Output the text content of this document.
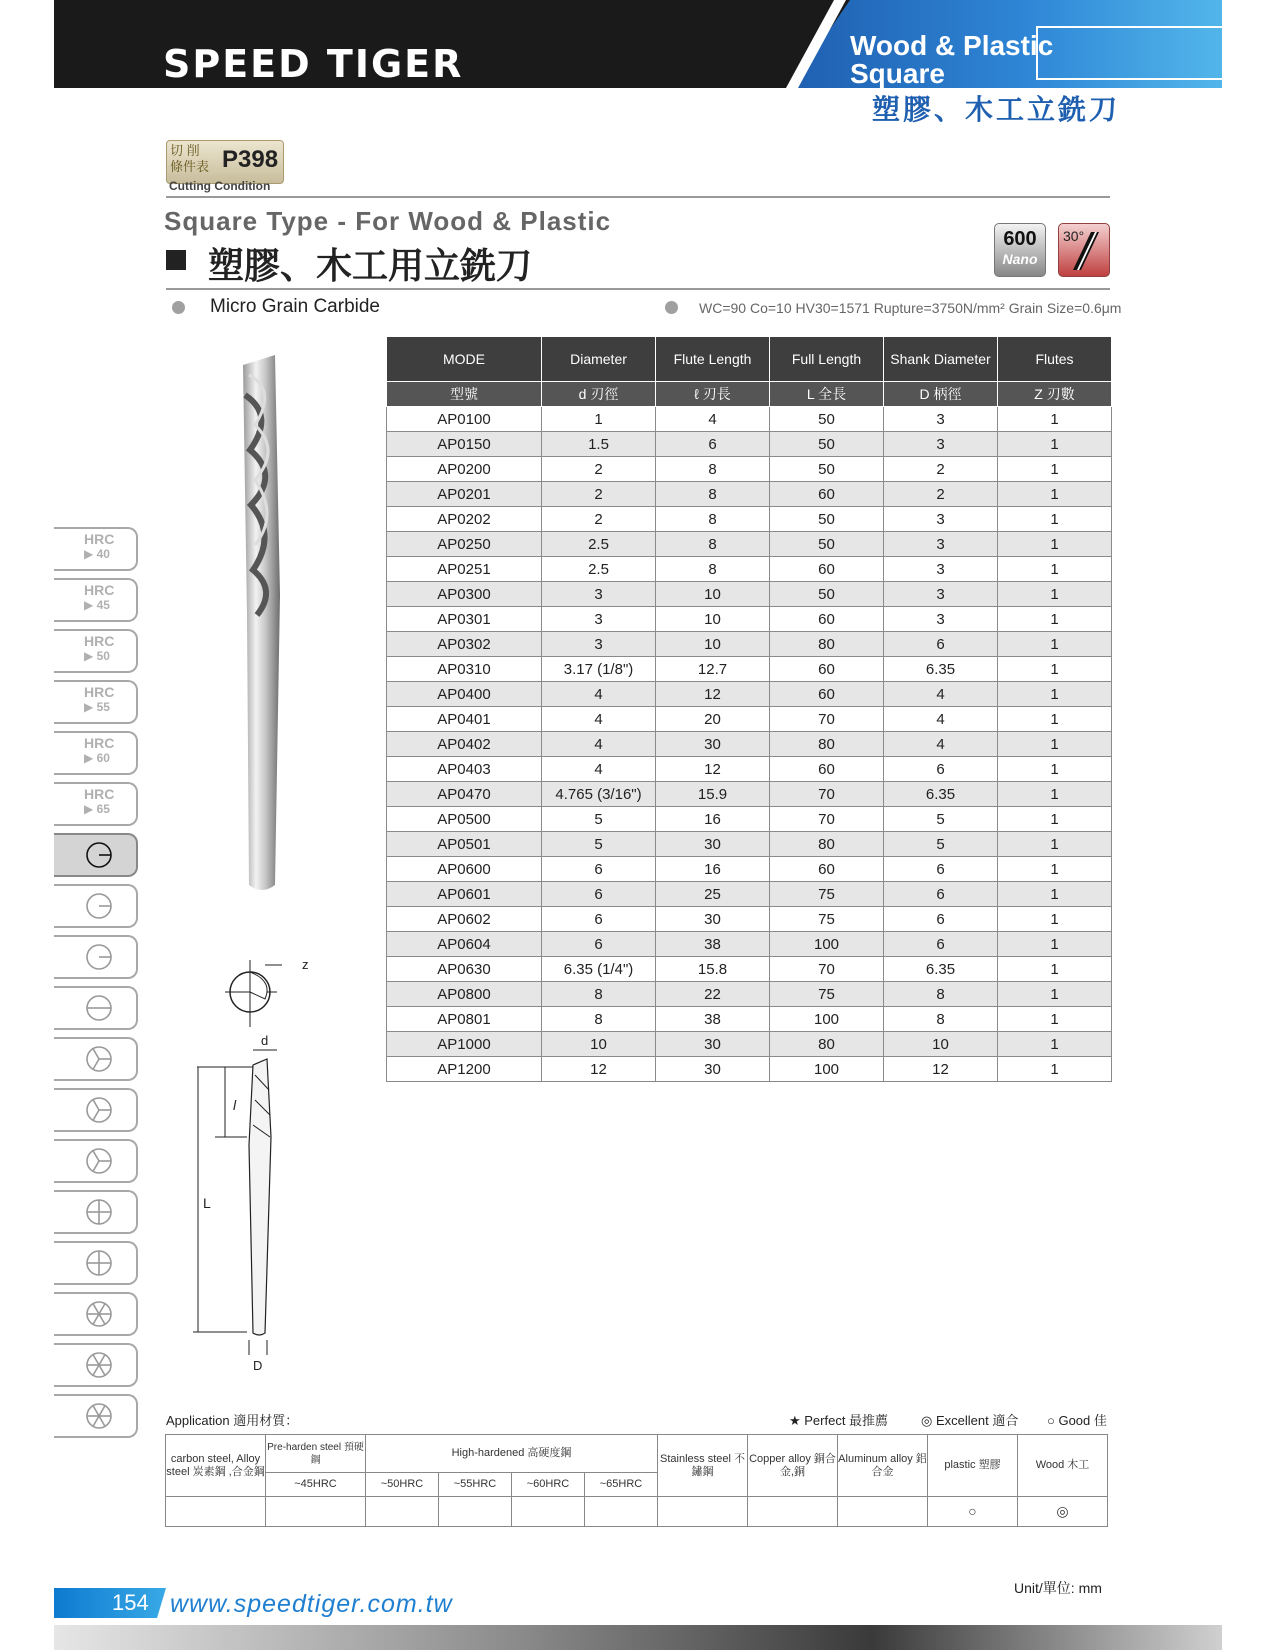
SPEED TIGER	Wood & Plastic
Square
塑膠、木工立銑刀
切 削 條件表 P398
Cutting Condition
Square Type - For Wood & Plastic
塑膠、木工用立銑刀
600
Nano
30°
Micro Grain Carbide	WC=90 Co=10 HV30=1571 Rupture=3750N/mm² Grain Size=0.6μm
MODE	Diameter	Flute Length	Full Length	Shank Diameter	Flutes
型號	d 刃徑	ℓ 刃長	L 全長	D 柄徑	Z 刃數
AP0100	1	4	50	3	1
AP0150	1.5	6	50	3	1
AP0200	2	8	50	2	1
AP0201	2	8	60	2	1
AP0202	2	8	50	3	1
AP0250	2.5	8	50	3	1
AP0251	2.5	8	60	3	1
AP0300	3	10	50	3	1
AP0301	3	10	60	3	1
AP0302	3	10	80	6	1
AP0310	3.17 (1/8")	12.7	60	6.35	1
AP0400	4	12	60	4	1
AP0401	4	20	70	4	1
AP0402	4	30	80	4	1
AP0403	4	12	60	6	1
AP0470	4.765 (3/16")	15.9	70	6.35	1
AP0500	5	16	70	5	1
AP0501	5	30	80	5	1
AP0600	6	16	60	6	1
AP0601	6	25	75	6	1
AP0602	6	30	75	6	1
AP0604	6	38	100	6	1
AP0630	6.35 (1/4")	15.8	70	6.35	1
AP0800	8	22	75	8	1
AP0801	8	38	100	8	1
AP1000	10	30	80	10	1
AP1200	12	30	100	12	1
z
d
l
L
D
HRC
▶ 40
HRC
▶ 45
HRC
▶ 50
HRC
▶ 55
HRC
▶ 60
HRC
▶ 65
Application 適用材質：	★ Perfect 最推薦	◎ Excellent 適合 ○ Good 佳
carbon steel, Alloy steel 炭素鋼 ,合金鋼	Pre-harden steel 預硬鋼	High-hardened 高硬度鋼				Stainless steel 不鏽鋼	Copper alloy 銅合金,銅	Aluminum alloy 鋁合金	plastic 塑膠	Wood 木工
	~45HRC	~50HRC	~55HRC	~60HRC	~65HRC					
									○	◎
Unit/單位: mm
154 www.speedtiger.com.tw
